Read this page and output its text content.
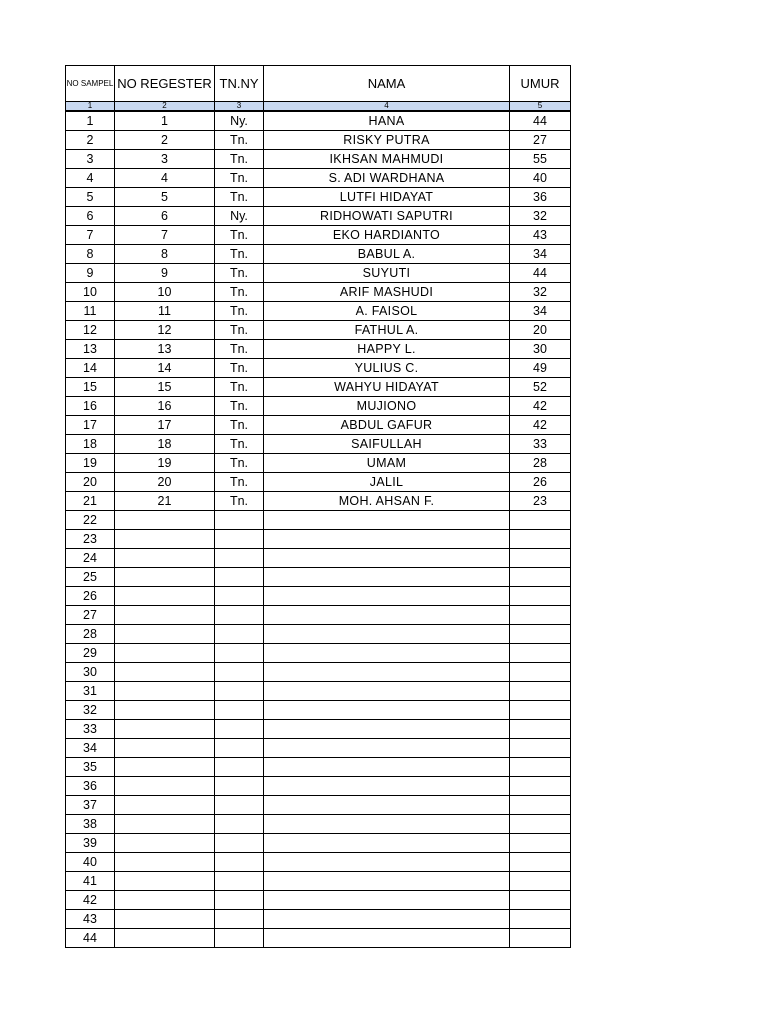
NO SAMPEL	NO REGESTER	TN.NY	NAMA	UMUR
1	2	3	4	5
1	1	Ny.	HANA	44
2	2	Tn.	RISKY PUTRA	27
3	3	Tn.	IKHSAN MAHMUDI	55
4	4	Tn.	S. ADI WARDHANA	40
5	5	Tn.	LUTFI HIDAYAT	36
6	6	Ny.	RIDHOWATI SAPUTRI	32
7	7	Tn.	EKO HARDIANTO	43
8	8	Tn.	BABUL A.	34
9	9	Tn.	SUYUTI	44
10	10	Tn.	ARIF MASHUDI	32
11	11	Tn.	A. FAISOL	34
12	12	Tn.	FATHUL A.	20
13	13	Tn.	HAPPY L.	30
14	14	Tn.	YULIUS C.	49
15	15	Tn.	WAHYU HIDAYAT	52
16	16	Tn.	MUJIONO	42
17	17	Tn.	ABDUL GAFUR	42
18	18	Tn.	SAIFULLAH	33
19	19	Tn.	UMAM	28
20	20	Tn.	JALIL	26
21	21	Tn.	MOH. AHSAN F.	23
22				
23				
24				
25				
26				
27				
28				
29				
30				
31				
32				
33				
34				
35				
36				
37				
38				
39				
40				
41				
42				
43				
44				
